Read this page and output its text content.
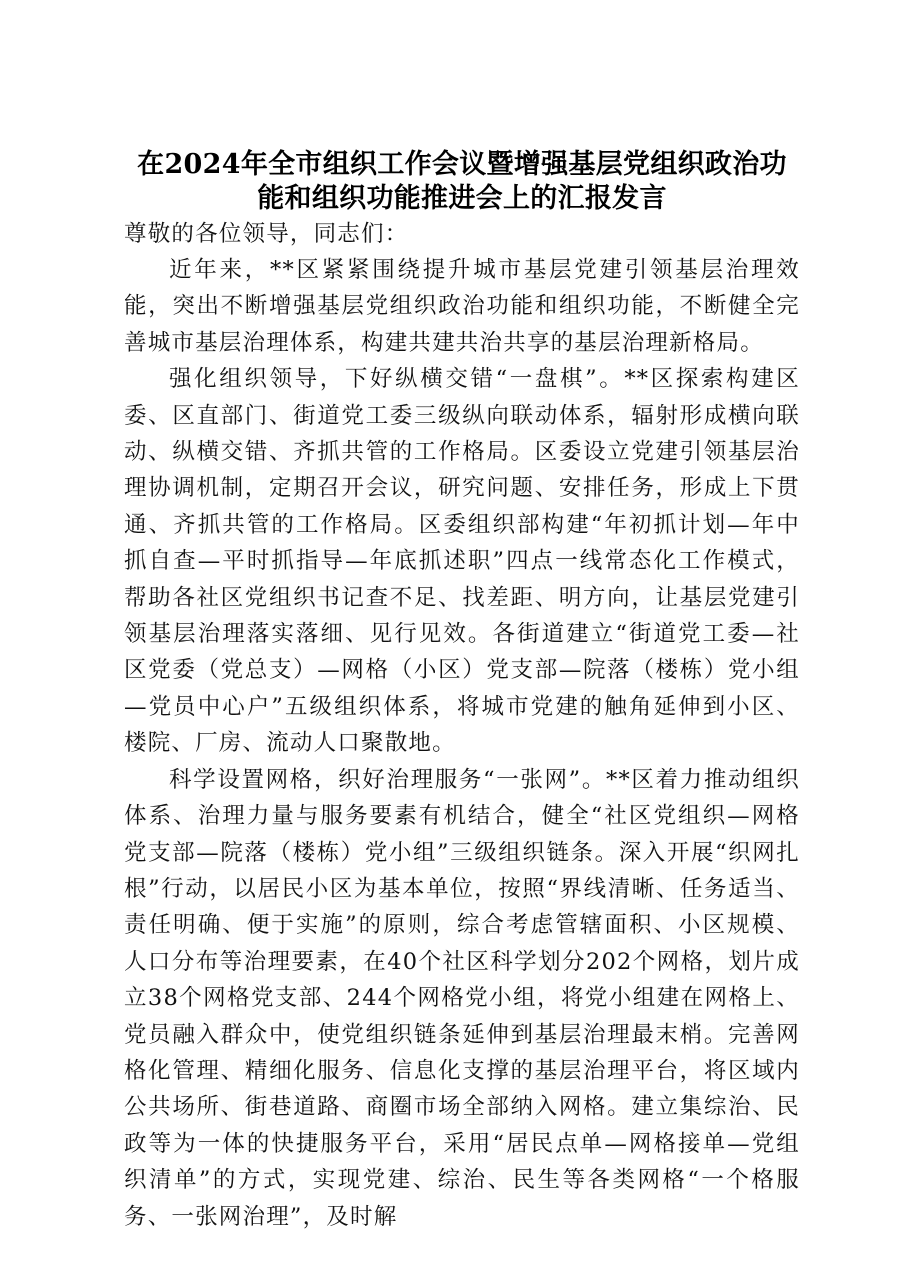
在2024年全市组织工作会议暨增强基层党组织政治功能和组织功能推进会上的汇报发言

尊敬的各位领导，同志们：

近年来，**区紧紧围绕提升城市基层党建引领基层治理效能，突出不断增强基层党组织政治功能和组织功能，不断健全完善城市基层治理体系，构建共建共治共享的基层治理新格局。

强化组织领导，下好纵横交错“一盘棋”。**区探索构建区委、区直部门、街道党工委三级纵向联动体系，辐射形成横向联动、纵横交错、齐抓共管的工作格局。区委设立党建引领基层治理协调机制，定期召开会议，研究问题、安排任务，形成上下贯通、齐抓共管的工作格局。区委组织部构建“年初抓计划—年中抓自查—平时抓指导—年底抓述职”四点一线常态化工作模式，帮助各社区党组织书记查不足、找差距、明方向，让基层党建引领基层治理落实落细、见行见效。各街道建立“街道党工委—社区党委（党总支）—网格（小区）党支部—院落（楼栋）党小组—党员中心户”五级组织体系，将城市党建的触角延伸到小区、楼院、厂房、流动人口聚散地。

科学设置网格，织好治理服务“一张网”。**区着力推动组织体系、治理力量与服务要素有机结合，健全“社区党组织—网格党支部—院落（楼栋）党小组”三级组织链条。深入开展“织网扎根”行动，以居民小区为基本单位，按照“界线清晰、任务适当、责任明确、便于实施”的原则，综合考虑管辖面积、小区规模、人口分布等治理要素，在40个社区科学划分202个网格，划片成立38个网格党支部、244个网格党小组，将党小组建在网格上、党员融入群众中，使党组织链条延伸到基层治理最末梢。完善网格化管理、精细化服务、信息化支撑的基层治理平台，将区域内公共场所、街巷道路、商圈市场全部纳入网格。建立集综治、民政等为一体的快捷服务平台，采用“居民点单—网格接单—党组织清单”的方式，实现党建、综治、民生等各类网格“一个格服务、一张网治理”，及时解
